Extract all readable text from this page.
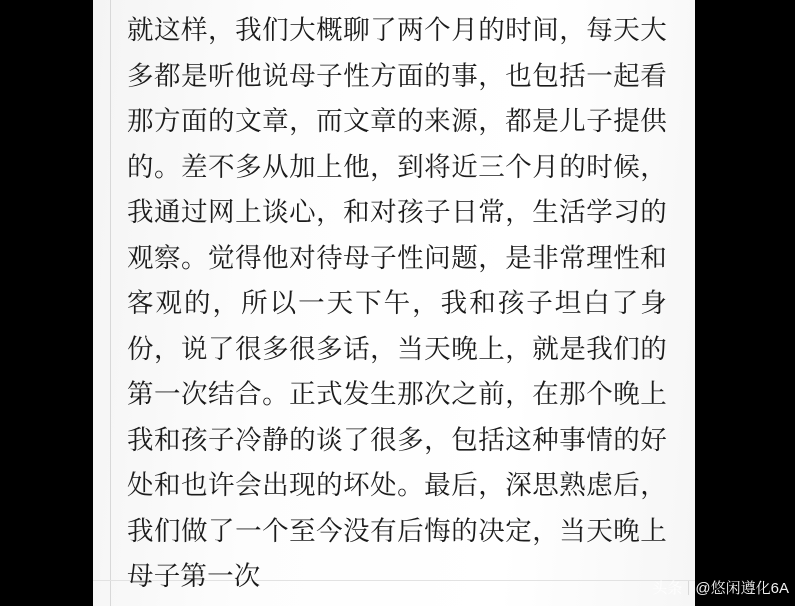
就这样，我们大概聊了两个月的时间，每天大多都是听他说母子性方面的事，也包括一起看那方面的文章，而文章的来源，都是儿子提供的。差不多从加上他，到将近三个月的时候，我通过网上谈心，和对孩子日常，生活学习的观察。觉得他对待母子性问题，是非常理性和客观的，所以一天下午，我和孩子坦白了身份，说了很多很多话，当天晚上，就是我们的第一次结合。正式发生那次之前，在那个晚上我和孩子冷静的谈了很多，包括这种事情的好处和也许会出现的坏处。最后，深思熟虑后，我们做了一个至今没有后悔的决定，当天晚上母子第一次	头条 @悠闲遵化6A
